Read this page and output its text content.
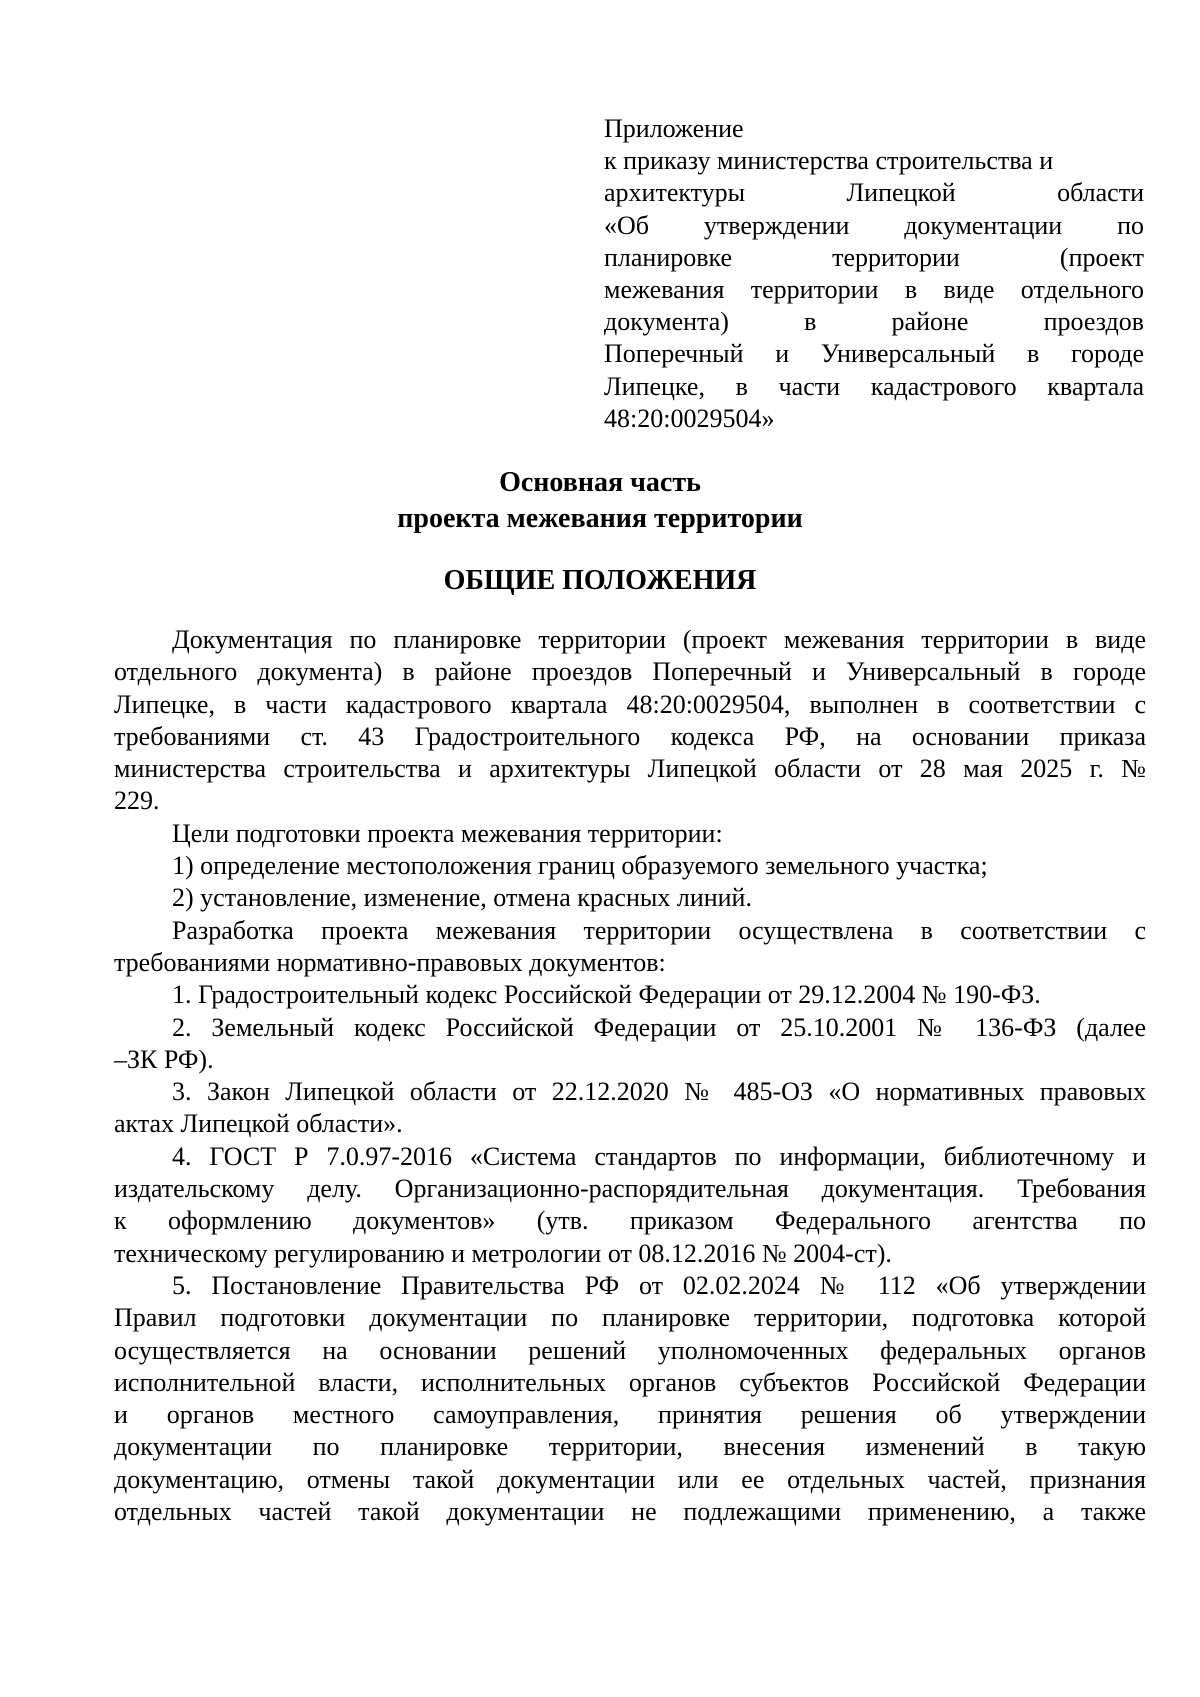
Приложение
к приказу министерства строительства и
архитектуры Липецкой области
«Об утверждении документации по
планировке территории (проект
межевания территории в виде отдельного
документа) в районе проездов
Поперечный и Универсальный в городе
Липецке, в части кадастрового квартала
48:20:0029504»
Основная часть
проекта межевания территории
ОБЩИЕ ПОЛОЖЕНИЯ
Документация по планировке территории (проект межевания территории в виде
отдельного документа) в районе проездов Поперечный и Универсальный в городе
Липецке, в части кадастрового квартала 48:20:0029504, выполнен в соответствии с
требованиями ст. 43 Градостроительного кодекса РФ, на основании приказа
министерства строительства и архитектуры Липецкой области от 28 мая 2025 г. №
229.
Цели подготовки проекта межевания территории:
1) определение местоположения границ образуемого земельного участка;
2) установление, изменение, отмена красных линий.
Разработка проекта межевания территории осуществлена в соответствии с
требованиями нормативно-правовых документов:
1. Градостроительный кодекс Российской Федерации от 29.12.2004 № 190-ФЗ.
2. Земельный кодекс Российской Федерации от 25.10.2001 № 136-ФЗ (далее
–ЗК РФ).
3. Закон Липецкой области от 22.12.2020 № 485-ОЗ «О нормативных правовых
актах Липецкой области».
4. ГОСТ Р 7.0.97-2016 «Система стандартов по информации, библиотечному и
издательскому делу. Организационно-распорядительная документация. Требования
к оформлению документов» (утв. приказом Федерального агентства по
техническому регулированию и метрологии от 08.12.2016 № 2004-ст).
5. Постановление Правительства РФ от 02.02.2024 № 112 «Об утверждении
Правил подготовки документации по планировке территории, подготовка которой
осуществляется на основании решений уполномоченных федеральных органов
исполнительной власти, исполнительных органов субъектов Российской Федерации
и органов местного самоуправления, принятия решения об утверждении
документации по планировке территории, внесения изменений в такую
документацию, отмены такой документации или ее отдельных частей, признания
отдельных частей такой документации не подлежащими применению, а также
